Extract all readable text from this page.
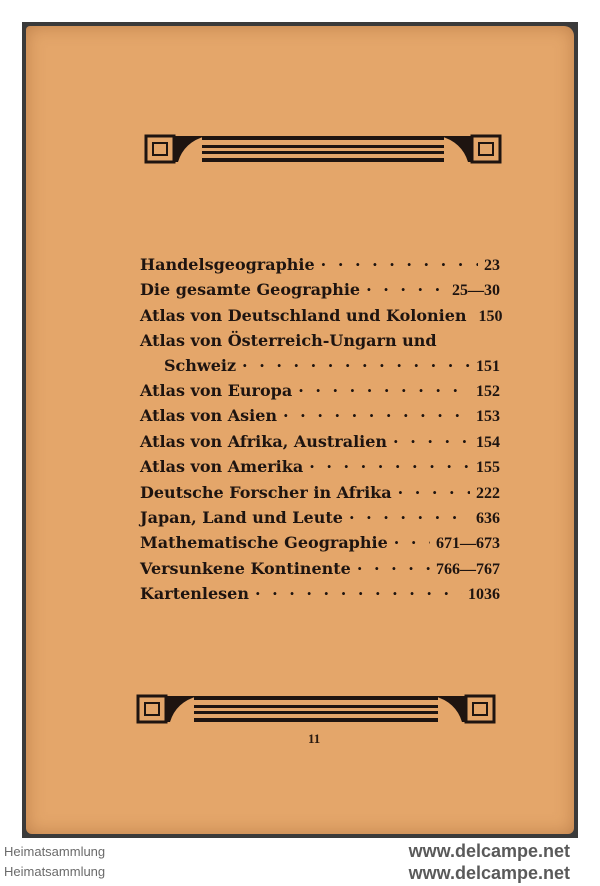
Handelsgeographie · · ·	23
Die gesamte Geographie · · ·	25—30
Atlas von Deutschland und Kolonien 150
Atlas von Österreich-Ungarn und
Schweiz · · ·	151
Atlas von Europa · · ·	152
Atlas von Asien · · ·	153
Atlas von Afrika, Australien · · ·	154
Atlas von Amerika · · ·	155
Deutsche Forscher in Afrika · · ·	222
Japan, Land und Leute · · ·	636
Mathematische Geographie · · ·	671—673
Versunkene Kontinente · · ·	766—767
Kartenlesen · · ·	1036
11
Heimatsammlung
Heimatsammlung
www.delcampe.net
www.delcampe.net
